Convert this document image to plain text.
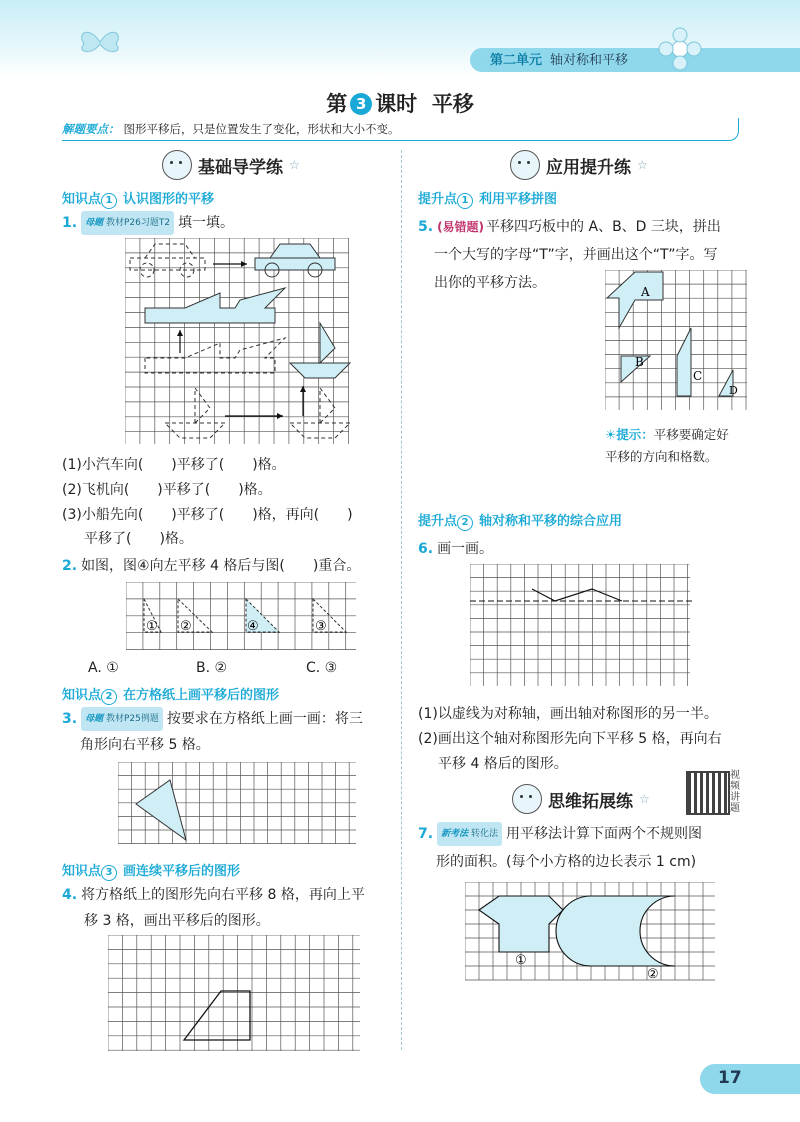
第二单元 轴对称和平移
第 3 课时 平移
解题要点： 图形平移后，只是位置发生了变化，形状和大小不变。
基础导学练 ☆
知识点 1 认识图形的平移
1. 母题 教材P26习题T2 填一填。
(1)小汽车向(　　)平移了(　　)格。
(2)飞机向(　　)平移了(　　)格。
(3)小船先向(　　)平移了(　　)格，再向(　　)
平移了(　　)格。
2. 如图，图④向左平移 4 格后与图(　　)重合。
① ②	④	③
A. ①	B. ②	C. ③
知识点 2 在方格纸上画平移后的图形
3. 母题 教材P25例题 按要求在方格纸上画一画：将三
角形向右平移 5 格。
知识点 3 画连续平移后的图形
4. 将方格纸上的图形先向右平移 8 格，再向上平
移 3 格，画出平移后的图形。
应用提升练 ☆
提升点 1 利用平移拼图
5. (易错题) 平移四巧板中的 A、B、D 三块，拼出
一个大写的字母“T”字，并画出这个“T”字。写
出你的平移方法。
A
B
C
D
☀提示：平移要确定好
平移的方向和格数。
提升点 2 轴对称和平移的综合应用
6. 画一画。
(1)以虚线为对称轴，画出轴对称图形的另一半。
(2)画出这个轴对称图形先向下平移 5 格，再向右
平移 4 格后的图形。
视频讲题
思维拓展练 ☆
7. 新考法 转化法 用平移法计算下面两个不规则图
形的面积。(每个小方格的边长表示 1 cm)
①
②
17
